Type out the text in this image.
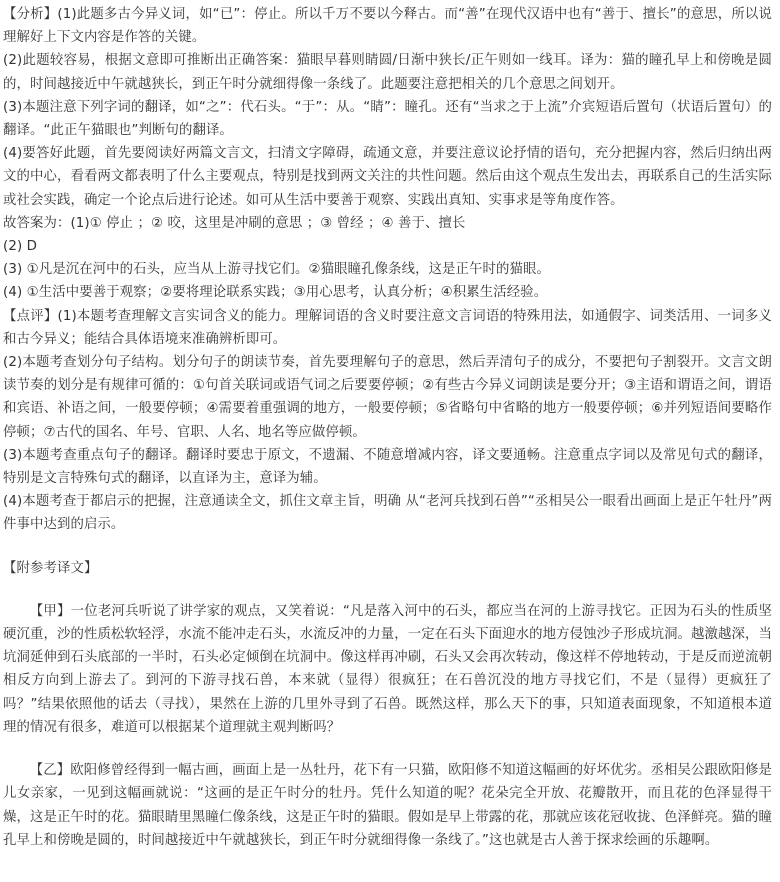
【分析】(1)此题多古今异义词，如“已”：停止。所以千万不要以今释古。而“善”在现代汉语中也有“善于、擅长”的意思，所以说理解好上下文内容是作答的关键。

(2)此题较容易，根据文意即可推断出正确答案：猫眼早暮则睛圆/日渐中狭长/正午则如一线耳。译为：猫的瞳孔早上和傍晚是圆的，时间越接近中午就越狭长，到正午时分就细得像一条线了。此题要注意把相关的几个意思之间划开。

(3)本题注意下列字词的翻译，如“之”：代石头。“于”：从。“睛”：瞳孔。还有“当求之于上流”介宾短语后置句（状语后置句）的翻译。“此正午猫眼也”判断句的翻译。

(4)要答好此题，首先要阅读好两篇文言文，扫清文字障碍，疏通文意，并要注意议论抒情的语句，充分把握内容，然后归纳出两文的中心，看看两文都表明了什么主要观点，特别是找到两文关注的共性问题。然后由这个观点生发出去，再联系自己的生活实际或社会实践，确定一个论点后进行论述。如可从生活中要善于观察、实践出真知、实事求是等角度作答。

故答案为：(1)① 停止 ；② 咬，这里是冲刷的意思 ；③ 曾经 ；④ 善于、擅长

(2) D

(3) ①凡是沉在河中的石头，应当从上游寻找它们。②猫眼瞳孔像条线，这是正午时的猫眼。

(4) ①生活中要善于观察；②要将理论联系实践；③用心思考，认真分析；④积累生活经验。

【点评】(1)本题考查理解文言实词含义的能力。理解词语的含义时要注意文言词语的特殊用法，如通假字、词类活用、一词多义和古今异义；能结合具体语境来准确辨析即可。

(2)本题考查划分句子结构。划分句子的朗读节奏，首先要理解句子的意思，然后弄清句子的成分，不要把句子割裂开。文言文朗读节奏的划分是有规律可循的：①句首关联词或语气词之后要要停顿；②有些古今异义词朗读是要分开；③主语和谓语之间，谓语和宾语、补语之间，一般要停顿；④需要着重强调的地方，一般要停顿；⑤省略句中省略的地方一般要停顿；⑥并列短语间要略作停顿；⑦古代的国名、年号、官职、人名、地名等应做停顿。

(3)本题考查重点句子的翻译。翻译时要忠于原文，不遗漏、不随意增减内容，译文要通畅。注意重点字词以及常见句式的翻译，特别是文言特殊句式的翻译，以直译为主，意译为辅。

(4)本题考查于都启示的把握，注意通读全文，抓住文章主旨，明确 从“老河兵找到石兽”“丞相吴公一眼看出画面上是正午牡丹”两件事中达到的启示。

【附参考译文】

【甲】一位老河兵听说了讲学家的观点，又笑着说：“凡是落入河中的石头，都应当在河的上游寻找它。正因为石头的性质坚硬沉重，沙的性质松软轻浮，水流不能冲走石头，水流反冲的力量，一定在石头下面迎水的地方侵蚀沙子形成坑洞。越激越深，当坑洞延伸到石头底部的一半时，石头必定倾倒在坑洞中。像这样再冲刷，石头又会再次转动，像这样不停地转动，于是反而逆流朝相反方向到上游去了。到河的下游寻找石兽，本来就（显得）很疯狂；在石兽沉没的地方寻找它们，不是（显得）更疯狂了吗？”结果依照他的话去（寻找），果然在上游的几里外寻到了石兽。既然这样，那么天下的事，只知道表面现象，不知道根本道理的情况有很多，难道可以根据某个道理就主观判断吗？

【乙】欧阳修曾经得到一幅古画，画面上是一丛牡丹，花下有一只猫，欧阳修不知道这幅画的好坏优劣。丞相吴公跟欧阳修是儿女亲家，一见到这幅画就说：“这画的是正午时分的牡丹。凭什么知道的呢？花朵完全开放、花瓣散开，而且花的色泽显得干燥，这是正午时的花。猫眼睛里黑瞳仁像条线，这是正午时的猫眼。假如是早上带露的花，那就应该花冠收拢、色泽鲜亮。猫的瞳孔早上和傍晚是圆的，时间越接近中午就越狭长，到正午时分就细得像一条线了。”这也就是古人善于探求绘画的乐趣啊。
